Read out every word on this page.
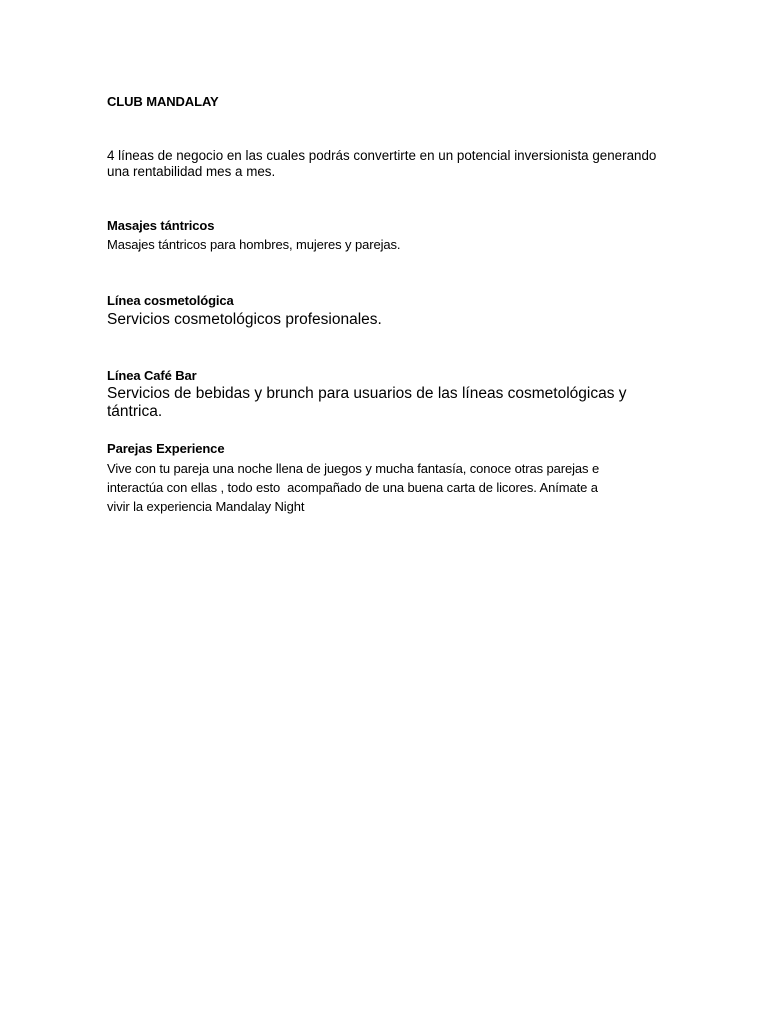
CLUB MANDALAY

4 líneas de negocio en las cuales podrás convertirte en un potencial inversionista generando

una rentabilidad mes a mes.

Masajes tántricos

Masajes tántricos para hombres, mujeres y parejas.

Línea cosmetológica

Servicios cosmetológicos profesionales.

Línea Café Bar

Servicios de bebidas y brunch para usuarios de las líneas cosmetológicas y

tántrica.

Parejas Experience

Vive con tu pareja una noche llena de juegos y mucha fantasía, conoce otras parejas e

interactúa con ellas , todo esto  acompañado de una buena carta de licores. Anímate a

vivir la experiencia Mandalay Night
